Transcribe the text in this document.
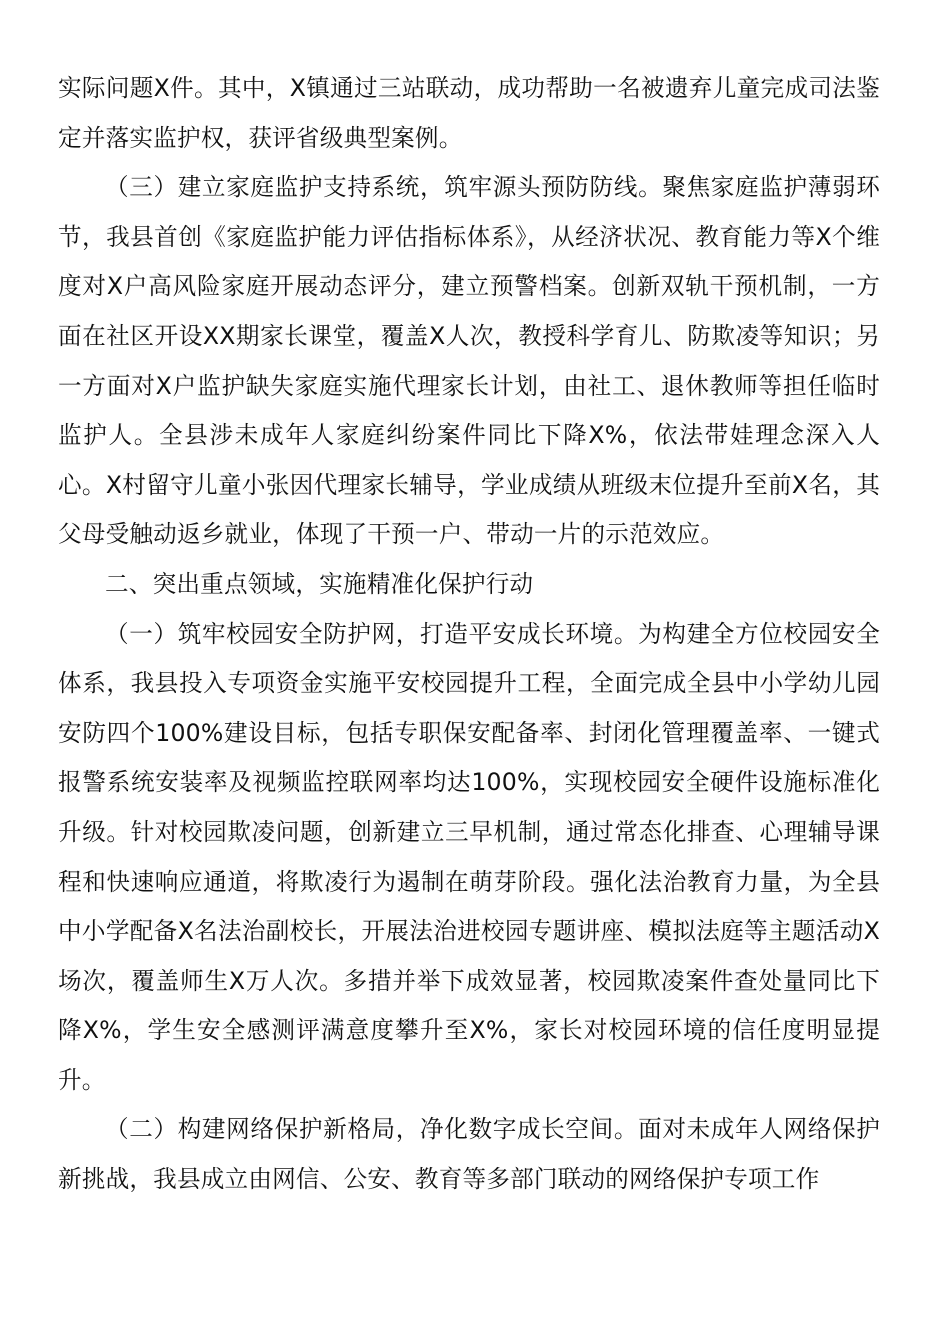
实际问题X件。其中，X镇通过三站联动，成功帮助一名被遗弃儿童完成司法鉴定并落实监护权，获评省级典型案例。

（三）建立家庭监护支持系统，筑牢源头预防防线。聚焦家庭监护薄弱环节，我县首创《家庭监护能力评估指标体系》，从经济状况、教育能力等X个维度对X户高风险家庭开展动态评分，建立预警档案。创新双轨干预机制，一方面在社区开设XX期家长课堂，覆盖X人次，教授科学育儿、防欺凌等知识；另一方面对X户监护缺失家庭实施代理家长计划，由社工、退休教师等担任临时监护人。全县涉未成年人家庭纠纷案件同比下降X%，依法带娃理念深入人心。X村留守儿童小张因代理家长辅导，学业成绩从班级末位提升至前X名，其父母受触动返乡就业，体现了干预一户、带动一片的示范效应。

二、突出重点领域，实施精准化保护行动

（一）筑牢校园安全防护网，打造平安成长环境。为构建全方位校园安全体系，我县投入专项资金实施平安校园提升工程，全面完成全县中小学幼儿园安防四个100%建设目标，包括专职保安配备率、封闭化管理覆盖率、一键式报警系统安装率及视频监控联网率均达100%，实现校园安全硬件设施标准化升级。针对校园欺凌问题，创新建立三早机制，通过常态化排查、心理辅导课程和快速响应通道，将欺凌行为遏制在萌芽阶段。强化法治教育力量，为全县中小学配备X名法治副校长，开展法治进校园专题讲座、模拟法庭等主题活动X场次，覆盖师生X万人次。多措并举下成效显著，校园欺凌案件查处量同比下降X%，学生安全感测评满意度攀升至X%，家长对校园环境的信任度明显提升。

（二）构建网络保护新格局，净化数字成长空间。面对未成年人网络保护新挑战，我县成立由网信、公安、教育等多部门联动的网络保护专项工作
